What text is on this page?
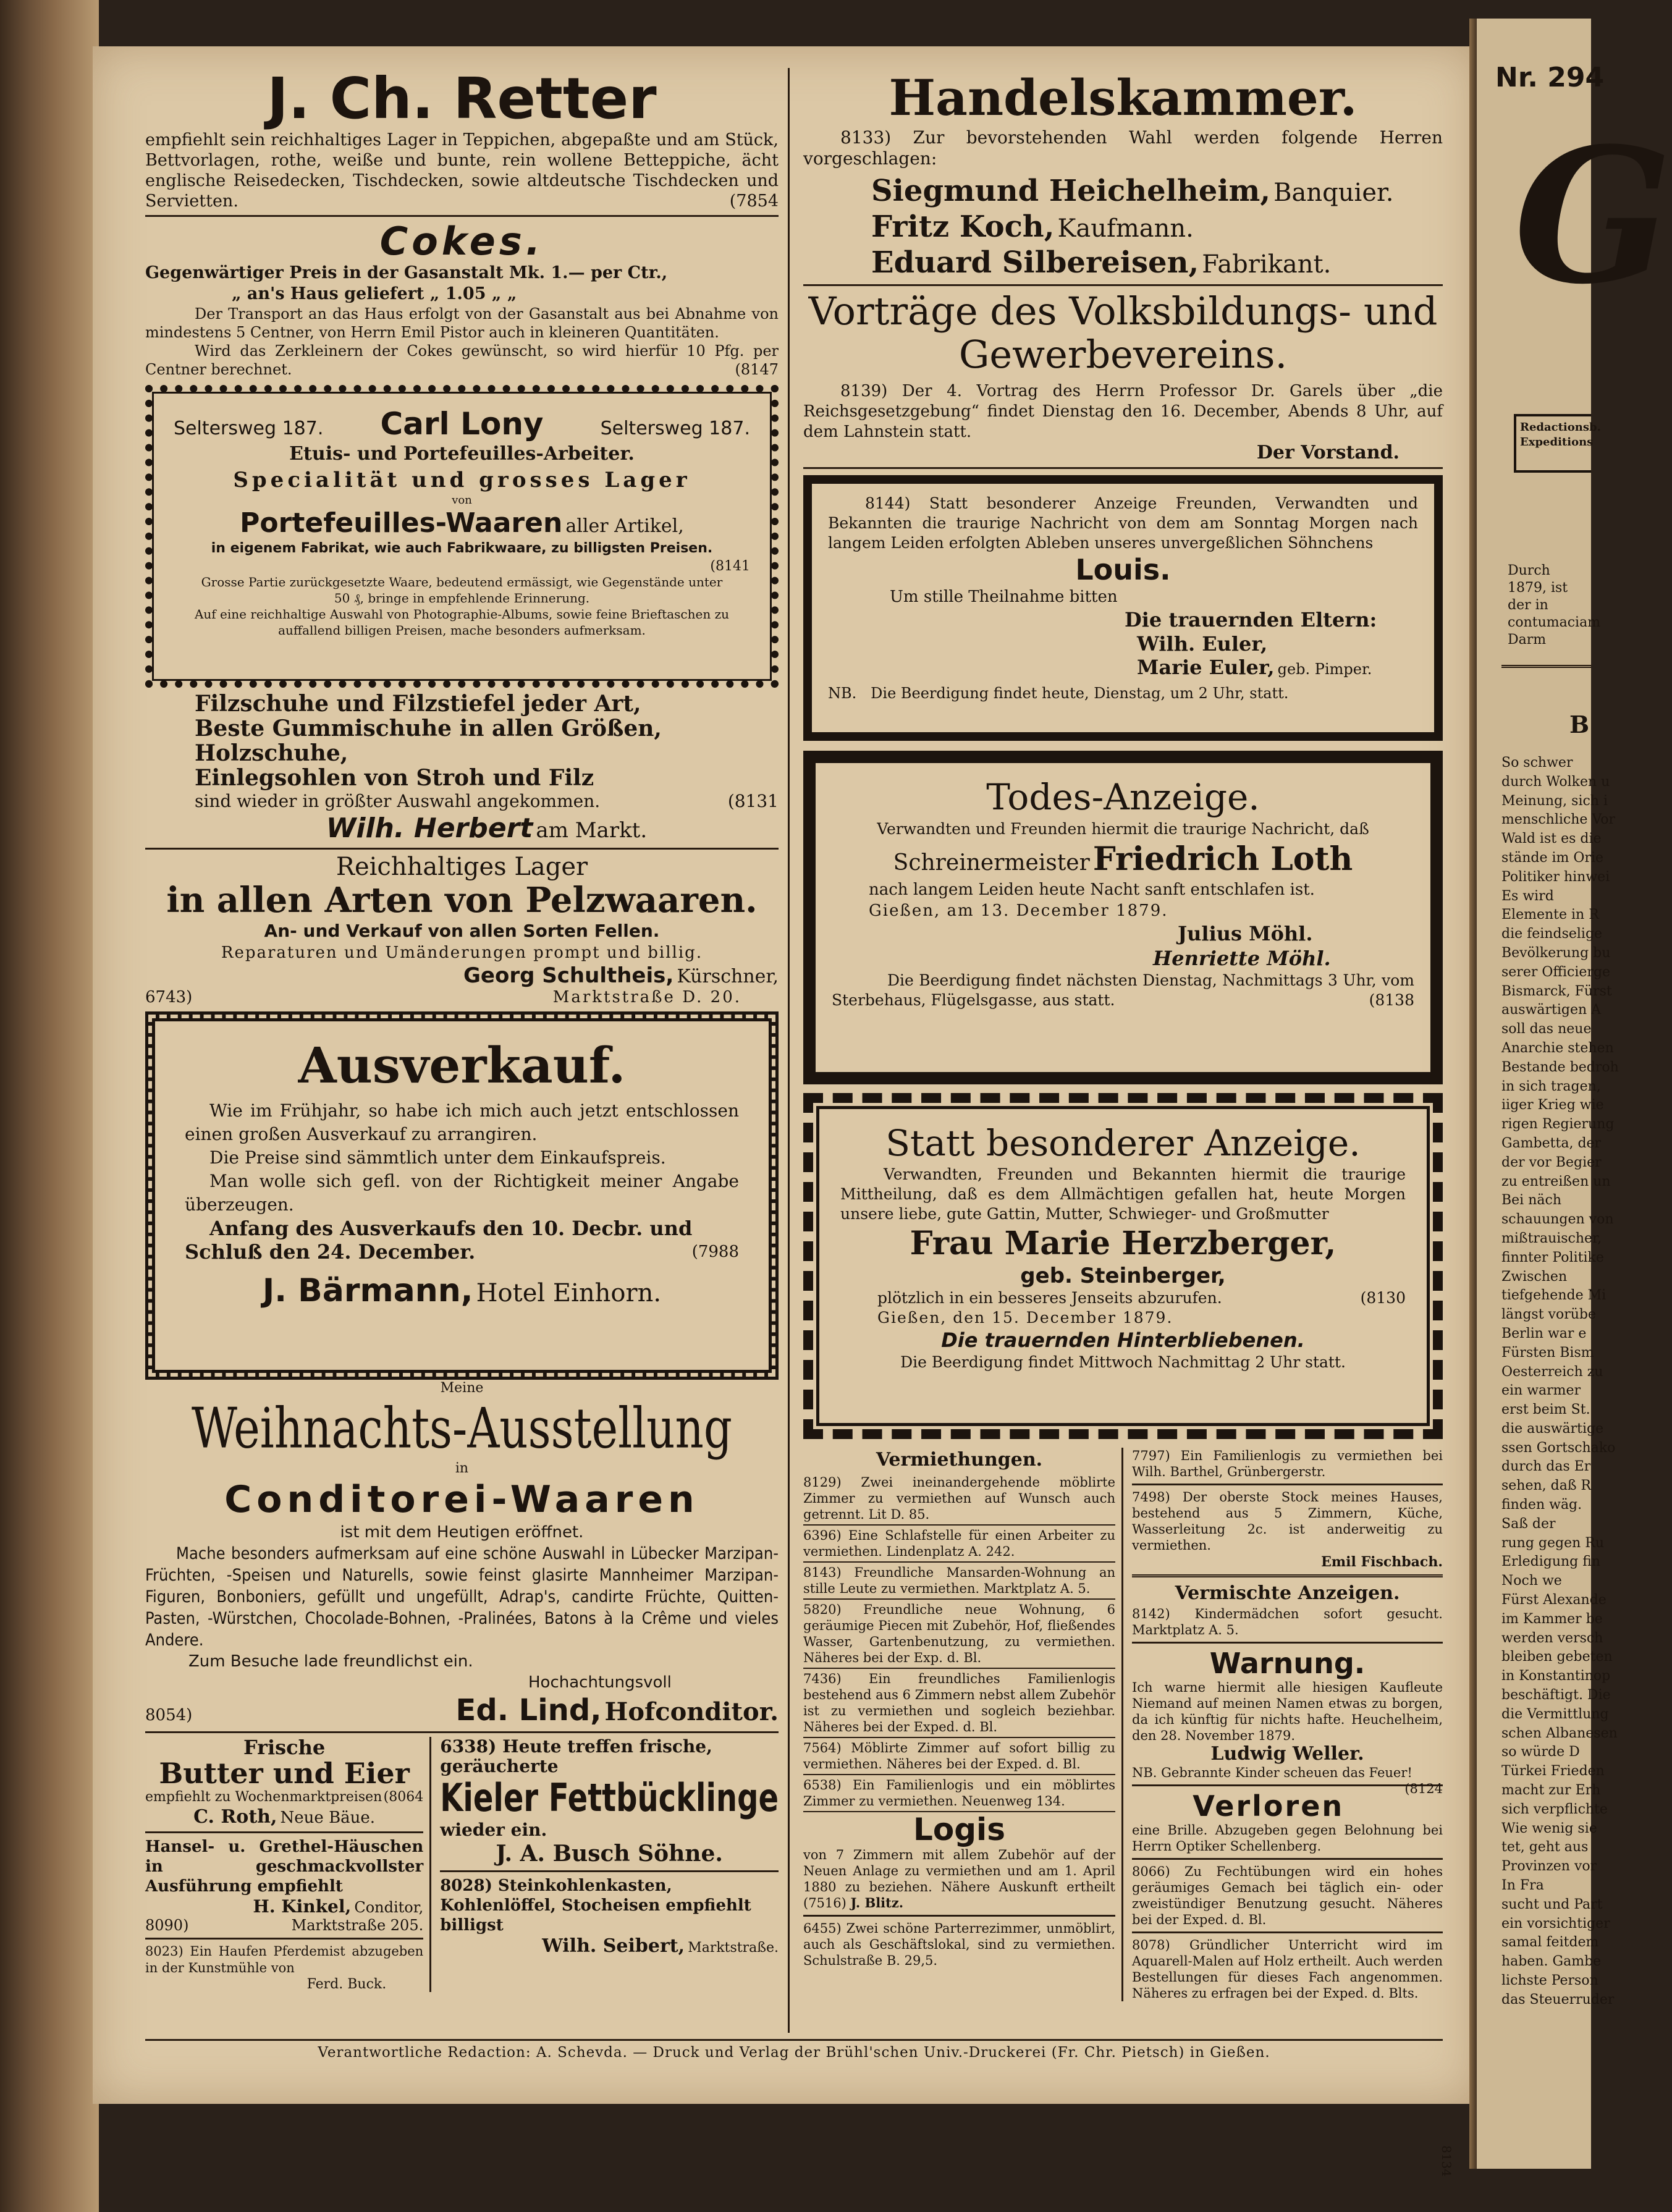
Nr. 294
G
Redactionsb. Expeditions
Durch 1879, ist der in contumaciam Darm
B
So schwer
durch Wolken u
Meinung, sich i
menschliche Vor
Wald ist es die
stände im Orie
Politiker hinwei
Es wird
Elemente in R
die feindselige
Bevölkerung bu
serer Officierge
Bismarck, Fürst
auswärtigen A
soll das neue
Anarchie stehen
Bestande bedroh
in sich tragen,
iiger Krieg wie
rigen Regierung
Gambetta, der
der vor Begier
zu entreißen un
Bei näch
schauungen von
mißtrauischer,
finnter Politike
Zwischen
tiefgehende Mi
längst vorübe
Berlin war e
Fürsten Bism
Oesterreich zu
ein warmer
erst beim St.
die auswärtige
ssen Gortschako
durch das Er
sehen, daß R
finden wäg.
Saß der
rung gegen Ru
Erledigung fin
Noch we
Fürst Alexande
im Kammer be
werden versch
bleiben gebeten
in Konstantinop
beschäftigt. Die
die Vermittlung
schen Albanesen
so würde D
Türkei Frieden
macht zur Erh
sich verpflichte
Wie wenig sie
tet, geht aus
Provinzen vor
In Fra
sucht und Part
ein vorsichtiger
samal feitdem
haben. Gambe
lichste Person
das Steuerruder
J. Ch. Retter
empfiehlt sein reichhaltiges Lager in Teppichen, abgepaßte und am Stück, Bettvorlagen, rothe, weiße und bunte, rein wollene Betteppiche, ächt englische Reisedecken, Tischdecken, sowie altdeutsche Tischdecken und Servietten.	(7854
Cokes.
Gegenwärtiger Preis in der Gasanstalt Mk. 1.— per Ctr.,
„ an's Haus geliefert „ 1.05 „ „
Der Transport an das Haus erfolgt von der Gasanstalt aus bei Abnahme von mindestens 5 Centner, von Herrn Emil Pistor auch in kleineren Quantitäten.
Wird das Zerkleinern der Cokes gewünscht, so wird hierfür 10 Pfg. per Centner berechnet.	(8147
Seltersweg 187. Carl Lony	Seltersweg 187.
Etuis- und Portefeuilles-Arbeiter.
Specialität und grosses Lager
von
Portefeuilles-Waaren aller Artikel,
in eigenem Fabrikat, wie auch Fabrikwaare, zu billigsten Preisen.
(8141
Grosse Partie zurückgesetzte Waare, bedeutend ermässigt, wie Gegenstände unter 50 ₰, bringe in empfehlende Erinnerung.
Auf eine reichhaltige Auswahl von Photographie-Albums, sowie feine Brieftaschen zu auffallend billigen Preisen, mache besonders aufmerksam.
Filzschuhe und Filzstiefel jeder Art,
Beste Gummischuhe in allen Größen,
Holzschuhe,
Einlegsohlen von Stroh und Filz
sind wieder in größter Auswahl angekommen.	(8131
Wilh. Herbert am Markt.
Reichhaltiges Lager
in allen Arten von Pelzwaaren.
An- und Verkauf von allen Sorten Fellen.
Reparaturen und Umänderungen prompt und billig.
Georg Schultheis, Kürschner,
6743)	Marktstraße D. 20.
Ausverkauf.
Wie im Frühjahr, so habe ich mich auch jetzt entschlossen einen großen Ausverkauf zu arrangiren.
Die Preise sind sämmtlich unter dem Einkaufspreis.
Man wolle sich gefl. von der Richtigkeit meiner Angabe überzeugen.
Anfang des Ausverkaufs den 10. Decbr. und Schluß den 24. December.	(7988
J. Bärmann, Hotel Einhorn.
Meine
Weihnachts-Ausstellung
in
Conditorei-Waaren
ist mit dem Heutigen eröffnet.
Mache besonders aufmerksam auf eine schöne Auswahl in Lübecker Marzipan-Früchten, -Speisen und Naturells, sowie feinst glasirte Mannheimer Marzipan-Figuren, Bonboniers, gefüllt und ungefüllt, Adrap's, candirte Früchte, Quitten-Pasten, -Würstchen, Chocolade-Bohnen, -Pralinées, Batons à la Crême und vieles Andere.
Zum Besuche lade freundlichst ein.
Hochachtungsvoll
8054)	Ed. Lind, Hofconditor.
Frische
Butter und Eier
empfiehlt zu Wochenmarktpreisen (8064
C. Roth, Neue Bäue.
Hansel- u. Grethel-Häuschen in geschmackvollster Ausführung empfiehlt
H. Kinkel, Conditor,
8090)	Marktstraße 205.
8023) Ein Haufen Pferdemist abzugeben in der Kunstmühle von
Ferd. Buck.
6338) Heute treffen frische, geräucherte
Kieler Fettbücklinge
wieder ein.
J. A. Busch Söhne.
8028) Steinkohlenkasten, Kohlenlöffel, Stocheisen empfiehlt billigst
Wilh. Seibert, Marktstraße.
Handelskammer.
8133) Zur bevorstehenden Wahl werden folgende Herren vorgeschlagen:
Siegmund Heichelheim, Banquier.
Fritz Koch, Kaufmann.
Eduard Silbereisen, Fabrikant.
Vorträge des Volksbildungs- und Gewerbevereins.
8139) Der 4. Vortrag des Herrn Professor Dr. Garels über „die Reichsgesetzgebung“ findet Dienstag den 16. December, Abends 8 Uhr, auf dem Lahnstein statt.
Der Vorstand.
8144) Statt besonderer Anzeige Freunden, Verwandten und Bekannten die traurige Nachricht von dem am Sonntag Morgen nach langem Leiden erfolgten Ableben unseres unvergeßlichen Söhnchens
Louis.
Um stille Theilnahme bitten
Die trauernden Eltern:
Wilh. Euler,
Marie Euler, geb. Pimper.
NB. Die Beerdigung findet heute, Dienstag, um 2 Uhr, statt.
Todes-Anzeige.
Verwandten und Freunden hiermit die traurige Nachricht, daß
Schreinermeister Friedrich Loth
nach langem Leiden heute Nacht sanft entschlafen ist.
Gießen, am 13. December 1879.
Julius Möhl.
Henriette Möhl.
Die Beerdigung findet nächsten Dienstag, Nachmittags 3 Uhr, vom Sterbehaus, Flügelsgasse, aus statt.	(8138
Statt besonderer Anzeige.
Verwandten, Freunden und Bekannten hiermit die traurige Mittheilung, daß es dem Allmächtigen gefallen hat, heute Morgen unsere liebe, gute Gattin, Mutter, Schwieger- und Großmutter
Frau Marie Herzberger,
geb. Steinberger,
plötzlich in ein besseres Jenseits abzurufen.	(8130
Gießen, den 15. December 1879.
Die trauernden Hinterbliebenen.
Die Beerdigung findet Mittwoch Nachmittag 2 Uhr statt.
Vermiethungen.
8129) Zwei ineinandergehende möblirte Zimmer zu vermiethen auf Wunsch auch getrennt. Lit D. 85.
6396) Eine Schlafstelle für einen Arbeiter zu vermiethen. Lindenplatz A. 242.
8143) Freundliche Mansarden-Wohnung an stille Leute zu vermiethen. Marktplatz A. 5.
5820) Freundliche neue Wohnung, 6 geräumige Piecen mit Zubehör, Hof, fließendes Wasser, Gartenbenutzung, zu vermiethen. Näheres bei der Exp. d. Bl.
7436) Ein freundliches Familienlogis bestehend aus 6 Zimmern nebst allem Zubehör ist zu vermiethen und sogleich beziehbar. Näheres bei der Exped. d. Bl.
7564) Möblirte Zimmer auf sofort billig zu vermiethen. Näheres bei der Exped. d. Bl.
6538) Ein Familienlogis und ein möblirtes Zimmer zu vermiethen. Neuenweg 134.
Logis
von 7 Zimmern mit allem Zubehör auf der Neuen Anlage zu vermiethen und am 1. April 1880 zu beziehen. Nähere Auskunft ertheilt (7516) J. Blitz.
6455) Zwei schöne Parterrezimmer, unmöblirt, auch als Geschäftslokal, sind zu vermiethen. Schulstraße B. 29,5.
7797) Ein Familienlogis zu vermiethen bei Wilh. Barthel, Grünbergerstr.
7498) Der oberste Stock meines Hauses, bestehend aus 5 Zimmern, Küche, Wasserleitung 2c. ist anderweitig zu vermiethen.
Emil Fischbach.
Vermischte Anzeigen.
8142) Kindermädchen sofort gesucht. Marktplatz A. 5.
Warnung.
Ich warne hiermit alle hiesigen Kaufleute Niemand auf meinen Namen etwas zu borgen, da ich künftig für nichts hafte. Heuchelheim, den 28. November 1879.
Ludwig Weller.
NB. Gebrannte Kinder scheuen das Feuer!
(8124
Verloren
eine Brille. Abzugeben gegen Belohnung bei Herrn Optiker Schellenberg.
8066) Zu Fechtübungen wird ein hohes geräumiges Gemach bei täglich ein- oder zweistündiger Benutzung gesucht. Näheres bei der Exped. d. Bl.
8078) Gründlicher Unterricht wird im Aquarell-Malen auf Holz ertheilt. Auch werden Bestellungen für dieses Fach angenommen. Näheres zu erfragen bei der Exped. d. Blts.
8134
Verantwortliche Redaction: A. Schevda. — Druck und Verlag der Brühl'schen Univ.-Druckerei (Fr. Chr. Pietsch) in Gießen.
